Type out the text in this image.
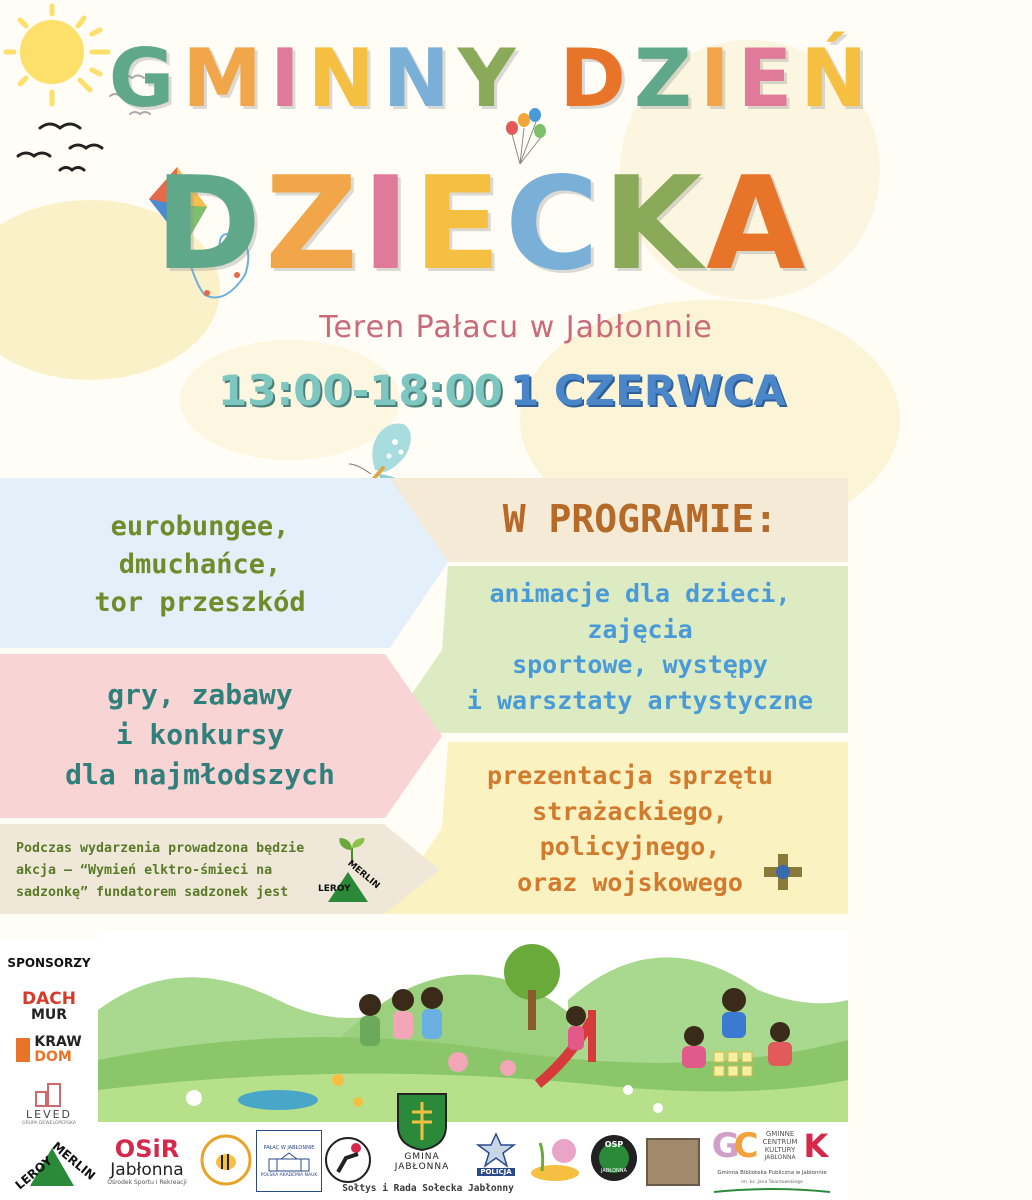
GMINNY DZIEŃ
DZIECKA
Teren Pałacu w Jabłonnie
13:00-18:00 1 CZERWCA
eurobungee,
dmuchańce,
tor przeszkód
W PROGRAMIE:
animacje dla dzieci, zajęcia
sportowe, występy
i warsztaty artystyczne
gry, zabawy
i konkursy
dla najmłodszych	prezentacja sprzętu
strażackiego, policyjnego,
oraz wojskowego
Podczas wydarzenia prowadzona będzie
akcja – “Wymień elktro-śmieci na
sadzonkę” fundatorem sadzonek jest	LEROY
MERLIN
SPONSORZY
DACH
MUR
KRAW
DOM
LEVED
GRUPA DEWELOPERSKA
LEROY
MERLIN OSiR
Jabłonna
Ośrodek Sportu i Rekreacji
PAŁAC W JABŁONNIE
POLSKA AKADEMIA NAUK
GMINA
JABŁONNA
Sołtys i Rada Sołecka Jabłonny
POLICJA
OSP
JABŁONNA
G
C	GMINNE
CENTRUM
KULTURY
JABŁONNA K
Gminna Biblioteka Publiczna w Jabłonnie
im. ks. Jana Twardowskiego
